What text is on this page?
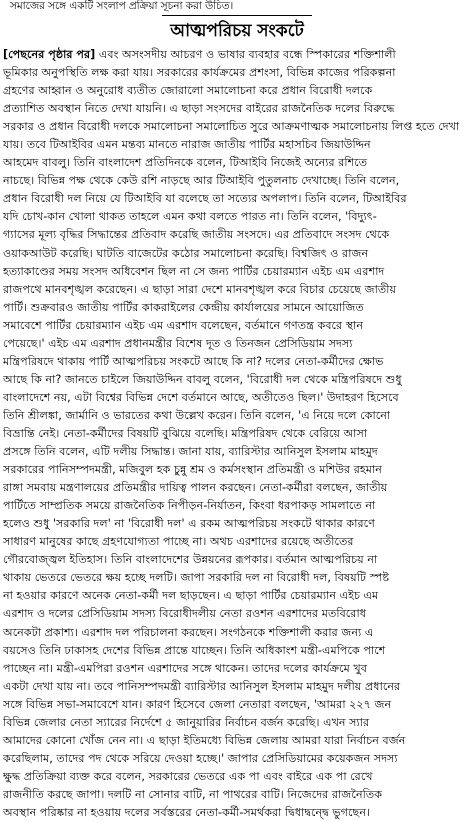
সমাজের সঙ্গে একটি সংলাপ প্রক্রিয়া সূচনা করা উচিত।
আত্মপরিচয় সংকটে
[পেছনের পৃষ্ঠার পর] এবং অসংসদীয় আচরণ ও ভাষার ব্যবহার বন্ধে স্পিকারের শক্তিশালী
ভূমিকার অনুপস্থিতি লক্ষ করা যায়। সরকারের কার্যক্রমের প্রশংসা, বিভিন্ন কাজের পরিকল্পনা
গ্রহণের আহ্বান ও অনুরোধ ব্যতীত জোরালো সমালোচনা করে প্রধান বিরোধী দলকে
প্রত্যাশিত অবস্থান নিতে দেখা যায়নি। এ ছাড়া সংসদের বাইরের রাজনৈতিক দলের বিরুদ্ধে
সরকার ও প্রধান বিরোধী দলকে সমালোচনা সমালোচিত সুরে আক্রমণাত্মক সমালোচনায় লিপ্ত হতে দেখা
যায়। তবে টিআইবির এমন মন্তব্য মানতে নারাজ জাতীয় পার্টির মহাসচিব জিয়াউদ্দিন
আহমেদ বাবলু। তিনি বাংলাদেশ প্রতিদিনকে বলেন, টিআইবি নিজেই অন্যের রশিতে
নাচছে। বিভিন্ন পক্ষ থেকে কেউ রশি নাড়ছে আর টিআইবি পুতুলনাচ দেখাচ্ছে। তিনি বলেন,
প্রধান বিরোধী দল নিয়ে যে টিআইবি যা বলেছে তা সত্যের অপলাপ। তিনি বলেন, টিআইবির
যদি চোখ-কান খোলা থাকত তাহলে এমন কথা বলতে পারত না। তিনি বলেন, 'বিদ্যুৎ-
গ্যাসের মূল্য বৃদ্ধির সিদ্ধান্তের প্রতিবাদ করেছি জাতীয় সংসদে। এর প্রতিবাদে সংসদ থেকে
ওয়াকআউট করেছি। ঘাটতি বাজেটের কঠোর সমালোচনা করেছি। বিশ্বজিৎ ও রাজন
হত্যাকাণ্ডের সময় সংসদ অধিবেশন ছিল না সে জন্য পার্টির চেয়ারম্যান এইচ এম এরশাদ
রাজপথে মানবশৃঙ্খল করেছেন। এ ছাড়া সারা দেশে মানবশৃঙ্খল করে বিচার চেয়েছে জাতীয়
পার্টি। শুক্রবারও জাতীয় পার্টির কাকরাইলের কেন্দ্রীয় কার্যালয়ের সামনে আয়োজিত
সমাবেশে পার্টির চেয়ারম্যান এইচ এম এরশাদ বলেছেন, বর্তমানে গণতন্ত্র কবরে স্থান
পেয়েছে।' এইচ এম এরশাদ প্রধানমন্ত্রীর বিশেষ দূত ও তিনজন প্রেসিডিয়াম সদস্য
মন্ত্রিপরিষদে থাকায় পার্টি আত্মপরিচয় সংকটে আছে কি না? দলের নেতা-কর্মীদের ক্ষোভ
আছে কি না? জানতে চাইলে জিয়াউদ্দিন বাবলু বলেন, 'বিরোধী দল থেকে মন্ত্রিপরিষদে শুধু
বাংলাদেশে নয়, এটা বিশ্বের বিভিন্ন দেশে বর্তমানে আছে, অতীতেও ছিল।' উদাহরণ হিসেবে
তিনি শ্রীলঙ্কা, জার্মানি ও ভারতের কথা উল্লেখ করেন। তিনি বলেন, 'এ নিয়ে দলে কোনো
বিভ্রান্তি নেই। নেতা-কর্মীদের বিষয়টি বুঝিয়ে বলেছি। মন্ত্রিপরিষদ থেকে বেরিয়ে আসা
প্রসঙ্গে তিনি বলেন, এটি দলীয় সিদ্ধান্ত। জানা যায়, ব্যারিস্টার আনিসুল ইসলাম মাহমুদ
সরকারের পানিসম্পদমন্ত্রী, মজিবুল হক চুন্নু শ্রম ও কর্মসংস্থান প্রতিমন্ত্রী ও মশিউর রহমান
রাঙ্গা সমবায় মন্ত্রণালয়ের প্রতিমন্ত্রীর দায়িত্ব পালন করছেন। নেতা-কর্মীরা বলছেন, জাতীয়
পার্টিতে সাম্প্রতিক সময়ে রাজনৈতিক নিপীড়ন-নির্যাতন, কিংবা ধরপাকড় সামলাতে না
হলেও শুধু 'সরকারি দল' না 'বিরোধী দল' এ রকম আত্মপরিচয় সংকটে থাকার কারণে
সাধারণ মানুষের কাছে গ্রহণযোগ্যতা পাচ্ছে না। অথচ এরশাদের রয়েছে অতীতের
গৌরবোজ্জ্বল ইতিহাস। তিনি বাংলাদেশের উন্নয়নের রূপকার। বর্তমান আত্মপরিচয় না
থাকায় ভেতরে ভেতরে ক্ষয় হচ্ছে দলটি। জাপা সরকারি দল না বিরোধী দল, বিষয়টি স্পষ্ট
না হওয়ার কারণে অনেক নেতা-কর্মী দল ছাড়ছেন। এ ছাড়া পার্টির চেয়ারম্যান এইচ এম
এরশাদ ও দলের প্রেসিডিয়াম সদস্য বিরোধীদলীয় নেতা রওশন এরশাদের মতবিরোধ
অনেকটা প্রকাশ্য। এরশাদ দল পরিচালনা করছেন। সংগঠনকে শক্তিশালী করার জন্য এ
বয়সেও তিনি ঢাকাসহ দেশের বিভিন্ন প্রান্তে যাচ্ছেন। তিনি অধিকাংশ মন্ত্রী-এমপিকে পাশে
পাচ্ছেন না। মন্ত্রী-এমপিরা রওশন এরশাদের সঙ্গে থাকেন। তাদের দলের কার্যক্রমে খুব
একটা দেখা যায় না। তবে পানিসম্পদমন্ত্রী ব্যারিস্টার আনিসুল ইসলাম মাহমুদ দলীয় প্রধানের
সঙ্গে বিভিন্ন সভা-সমাবেশে যান। কারণ হিসেবে জেলা নেতারা বলছেন, 'আমরা ২২৭ জন
বিভিন্ন জেলার নেতা স্যারের নির্দেশে ৫ জানুয়ারির নির্বাচন বর্জন করেছি। এখন স্যার
আমাদের কোনো খোঁজ নেন না। এ ছাড়া ইতিমধ্যে বিভিন্ন জেলায় আমরা যারা নির্বাচন বর্জন
করেছিলাম, তাদের পদ থেকে সরিয়ে দেওয়া হচ্ছে।' জাপার প্রেসিডিয়ামের কয়েকজন সদস্য
ক্ষুদ্ধ প্রতিক্রিয়া ব্যক্ত করে বলেন, সরকারের ভেতরে এক পা এবং বাইরে এক পা রেখে
রাজনীতি করছে জাপা। দলটি না সোনার বাটি, না পাথরের বাটি। নিজেদের রাজনৈতিক
অবস্থান পরিষ্কার না হওয়ায় দলের সর্বস্তরের নেতা-কর্মী-সমর্থকরা দ্বিধাদ্বন্দ্বে ভুগছেন।
